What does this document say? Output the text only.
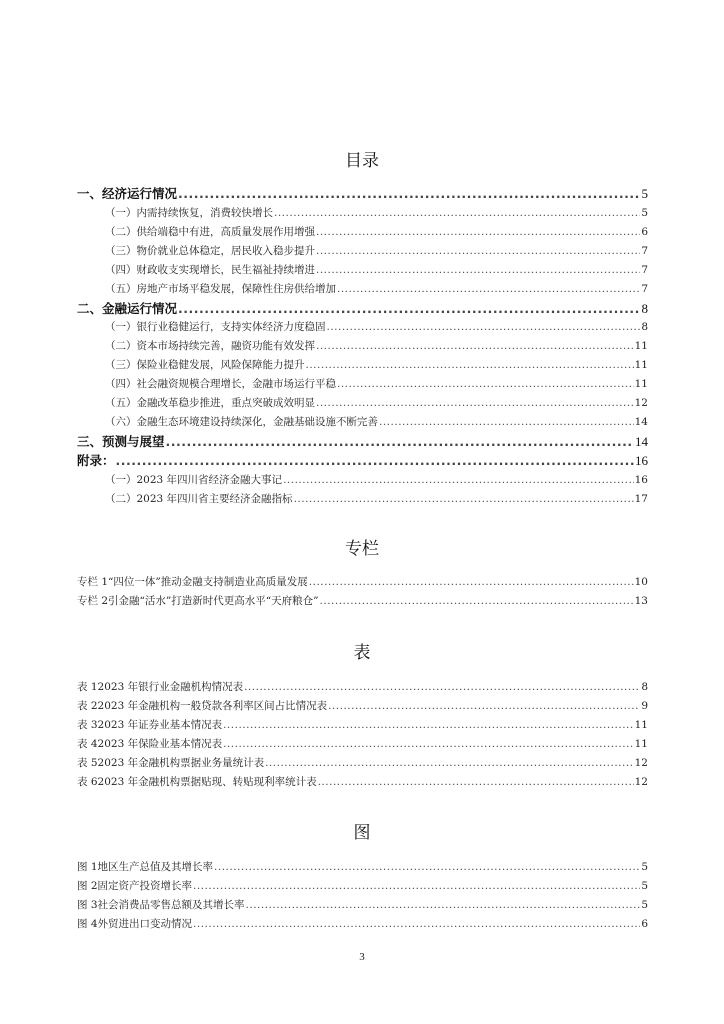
目录
专栏
表
图
一、经济运行情况 .....	5
（一）内需持续恢复，消费较快增长 .....	5
（二）供给端稳中有进，高质量发展作用增强 .....	6
（三）物价就业总体稳定，居民收入稳步提升 .....	7
（四）财政收支实现增长，民生福祉持续增进 .....	7
（五）房地产市场平稳发展，保障性住房供给增加 .....	7
二、金融运行情况 .....	8
（一）银行业稳健运行，支持实体经济力度稳固 .....	8
（二）资本市场持续完善，融资功能有效发挥 .....	11
（三）保险业稳健发展，风险保障能力提升 .....	11
（四）社会融资规模合理增长，金融市场运行平稳 .....	11
（五）金融改革稳步推进，重点突破成效明显 .....	12
（六）金融生态环境建设持续深化，金融基础设施不断完善 .....	14
三、预测与展望 .....	14
附录： .....	16
（一）2023 年四川省经济金融大事记 .....	16
（二）2023 年四川省主要经济金融指标 .....	17
专栏 1 “四位一体”推动金融支持制造业高质量发展 .....	10
专栏 2 引金融“活水”打造新时代更高水平“天府粮仓” .....	13
表 1 2023 年银行业金融机构情况表 .....	8
表 2 2023 年金融机构一般贷款各利率区间占比情况表 .....	9
表 3 2023 年证券业基本情况表 .....	11
表 4 2023 年保险业基本情况表 .....	11
表 5 2023 年金融机构票据业务量统计表 .....	12
表 6 2023 年金融机构票据贴现、转贴现利率统计表 .....	12
图 1 地区生产总值及其增长率 .....	5
图 2 固定资产投资增长率 .....	5
图 3 社会消费品零售总额及其增长率 .....	5
图 4 外贸进出口变动情况 .....	6
3
